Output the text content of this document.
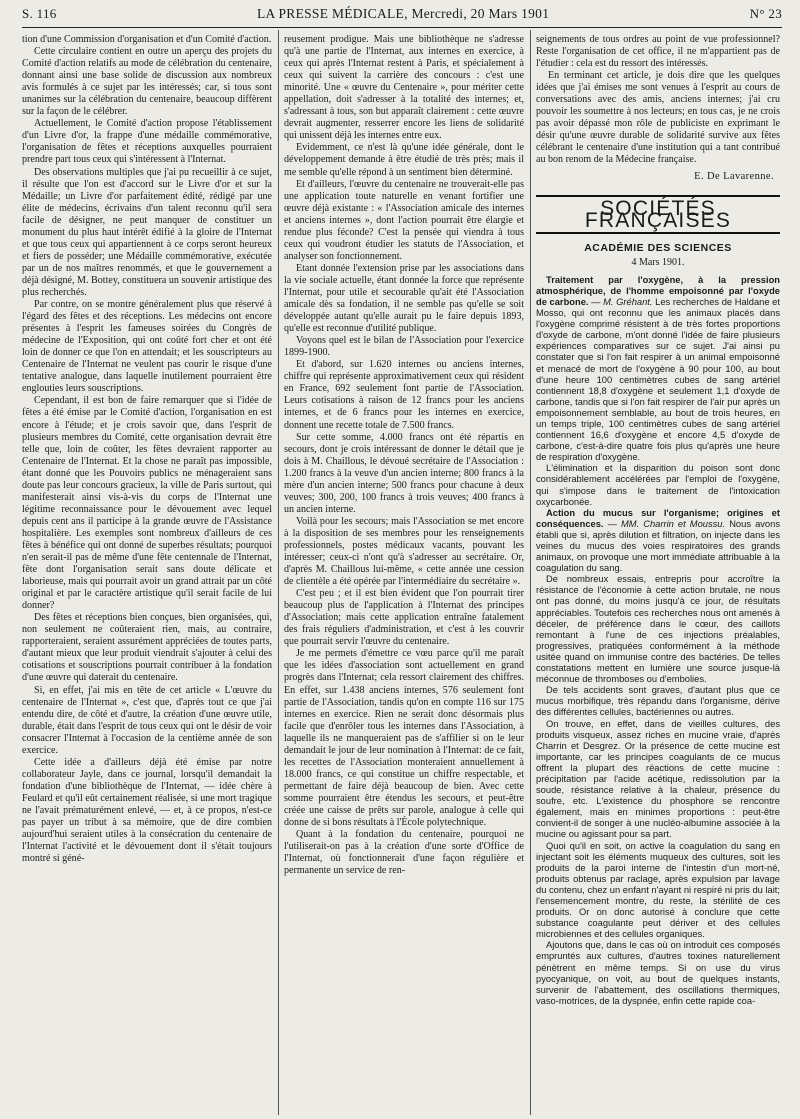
S. 116	LA PRESSE MÉDICALE, Mercredi, 20 Mars 1901	N° 23

tion d'une Commission d'organisation et d'un Comité d'action.

Cette circulaire contient en outre un aperçu des projets du Comité d'action relatifs au mode de célébration du centenaire, donnant ainsi une base solide de discussion aux nombreux avis formulés à ce sujet par les intéressés; car, si tous sont unanimes sur la célébration du centenaire, beaucoup diffèrent sur la façon de le célébrer.

Actuellement, le Comité d'action propose l'établissement d'un Livre d'or, la frappe d'une médaille commémorative, l'organisation de fêtes et réceptions auxquelles pourraient prendre part tous ceux qui s'intéressent à l'Internat.

Des observations multiples que j'ai pu recueillir à ce sujet, il résulte que l'on est d'accord sur le Livre d'or et sur la Médaille; un Livre d'or parfaitement édité, rédigé par une élite de médecins, écrivains d'un talent reconnu qu'il sera facile de désigner, ne peut manquer de constituer un monument du plus haut intérêt édifié à la gloire de l'Internat et que tous ceux qui appartiennent à ce corps seront heureux et fiers de posséder; une Médaille commémorative, exécutée par un de nos maîtres renommés, et que le gouvernement a déjà désigné, M. Bottey, constituera un souvenir artistique des plus recherchés.

Par contre, on se montre généralement plus que réservé à l'égard des fêtes et des réceptions. Les médecins ont encore présentes à l'esprit les fameuses soirées du Congrès de médecine de l'Exposition, qui ont coûté fort cher et ont été loin de donner ce que l'on en attendait; et les souscripteurs au Centenaire de l'Internat ne veulent pas courir le risque d'une tentative analogue, dans laquelle inutilement pourraient être englouties leurs souscriptions.

Cependant, il est bon de faire remarquer que si l'idée de fêtes a été émise par le Comité d'action, l'organisation en est encore à l'étude; et je crois savoir que, dans l'esprit de plusieurs membres du Comité, cette organisation devrait être telle que, loin de coûter, les fêtes devraient rapporter au Centenaire de l'Internat. Et la chose ne paraît pas impossible, étant donné que les Pouvoirs publics ne ménageraient sans doute pas leur concours gracieux, la ville de Paris surtout, qui manifesterait ainsi vis-à-vis du corps de l'Internat une légitime reconnaissance pour le dévouement avec lequel depuis cent ans il participe à la grande œuvre de l'Assistance hospitalière. Les exemples sont nombreux d'ailleurs de ces fêtes à bénéfice qui ont donné de superbes résultats; pourquoi n'en serait-il pas de même d'une fête centennale de l'Internat, fête dont l'organisation serait sans doute délicate et laborieuse, mais qui pourrait avoir un grand attrait par un côté original et par le caractère artistique qu'il serait facile de lui donner?

Des fêtes et réceptions bien conçues, bien organisées, qui, non seulement ne coûteraient rien, mais, au contraire, rapporteraient, seraient assurément appréciées de toutes parts, d'autant mieux que leur produit viendrait s'ajouter à celui des cotisations et souscriptions pourrait contribuer à la fondation d'une œuvre qui daterait du centenaire.

Si, en effet, j'ai mis en tête de cet article « L'œuvre du centenaire de l'Internat », c'est que, d'après tout ce que j'ai entendu dire, de côté et d'autre, la création d'une œuvre utile, durable, était dans l'esprit de tous ceux qui ont le désir de voir consacrer l'Internat à l'occasion de la centième année de son exercice.

Cette idée a d'ailleurs déjà été émise par notre collaborateur Jayle, dans ce journal, lorsqu'il demandait la fondation d'une bibliothèque de l'Internat, — idée chère à Feulard et qu'il eût certainement réalisée, si une mort tragique ne l'avait prématurément enlevé, — et, à ce propos, n'est-ce pas payer un tribut à sa mémoire, que de dire combien aujourd'hui seraient utiles à la consécration du centenaire de l'Internat l'activité et le dévouement dont il s'était toujours montré si géné-

reusement prodigue. Mais une bibliothèque ne s'adresse qu'à une partie de l'Internat, aux internes en exercice, à ceux qui après l'Internat restent à Paris, et spécialement à ceux qui suivent la carrière des concours : c'est une minorité. Une « œuvre du Centenaire », pour mériter cette appellation, doit s'adresser à la totalité des internes; et, s'adressant à tous, son but apparaît clairement : cette œuvre devrait augmenter, resserrer encore les liens de solidarité qui unissent déjà les internes entre eux.

Evidemment, ce n'est là qu'une idée générale, dont le développement demande à être étudié de très près; mais il me semble qu'elle répond à un sentiment bien déterminé.

Et d'ailleurs, l'œuvre du centenaire ne trouverait-elle pas une application toute naturelle en venant fortifier une œuvre déjà existante : « l'Association amicale des internes et anciens internes », dont l'action pourrait être élargie et rendue plus féconde? C'est la pensée qui viendra à tous ceux qui voudront étudier les statuts de l'Association, et analyser son fonctionnement.

Etant donnée l'extension prise par les associations dans la vie sociale actuelle, étant donnée la force que représente l'Internat, pour utile et secourable qu'ait été l'Association amicale dès sa fondation, il ne semble pas qu'elle se soit développée autant qu'elle aurait pu le faire depuis 1893, qu'elle est reconnue d'utilité publique.

Voyons quel est le bilan de l'Association pour l'exercice 1899-1900.

Et d'abord, sur 1.620 internes ou anciens internes, chiffre qui représente approximativement ceux qui résident en France, 692 seulement font partie de l'Association. Leurs cotisations à raison de 12 francs pour les anciens internes, et de 6 francs pour les internes en exercice, donnent une recette totale de 7.500 francs.

Sur cette somme, 4.000 francs ont été répartis en secours, dont je crois intéressant de donner le détail que je dois à M. Chaillous, le dévoué secrétaire de l'Association : 1.200 francs à la veuve d'un ancien interne; 800 francs à la mère d'un ancien interne; 500 francs pour chacune à deux veuves; 300, 200, 100 francs à trois veuves; 400 francs à un ancien interne.

Voilà pour les secours; mais l'Association se met encore à la disposition de ses membres pour les renseignements professionnels, postes médicaux vacants, pouvant les intéresser; ceux-ci n'ont qu'à s'adresser au secrétaire. Or, d'après M. Chaillous lui-même, « cette année une cession de clientèle a été opérée par l'intermédiaire du secrétaire ».

C'est peu ; et il est bien évident que l'on pourrait tirer beaucoup plus de l'application à l'Internat des principes d'Association; mais cette application entraîne fatalement des frais réguliers d'administration, et c'est à les couvrir que pourrait servir l'œuvre du centenaire.

Je me permets d'émettre ce vœu parce qu'il me paraît que les idées d'association sont actuellement en grand progrès dans l'Internat; cela ressort clairement des chiffres. En effet, sur 1.438 anciens internes, 576 seulement font partie de l'Association, tandis qu'on en compte 116 sur 175 internes en exercice. Rien ne serait donc désormais plus facile que d'enrôler tous les internes dans l'Association, à laquelle ils ne manqueraient pas de s'affilier si on le leur demandait le jour de leur nomination à l'Internat: de ce fait, les recettes de l'Association monteraient annuellement à 18.000 francs, ce qui constitue un chiffre respectable, et permettant de faire déjà beaucoup de bien. Avec cette somme pourraient être étendus les secours, et peut-être créée une caisse de prêts sur parole, analogue à celle qui donne de si bons résultats à l'École polytechnique.

Quant à la fondation du centenaire, pourquoi ne l'utiliserait-on pas à la création d'une sorte d'Office de l'Internat, où fonctionnerait d'une façon régulière et permanente un service de ren-

seignements de tous ordres au point de vue professionnel? Reste l'organisation de cet office, il ne m'appartient pas de l'étudier : cela est du ressort des intéressés.

En terminant cet article, je dois dire que les quelques idées que j'ai émises me sont venues à l'esprit au cours de conversations avec des amis, anciens internes; j'ai cru pouvoir les soumettre à nos lecteurs; en tous cas, je ne crois pas avoir dépassé mon rôle de publiciste en exprimant le désir qu'une œuvre durable de solidarité survive aux fêtes célébrant le centenaire d'une institution qui a tant contribué au bon renom de la Médecine française.

E. De Lavarenne.
SOCIÉTÉS FRANÇAISES
ACADÉMIE DES SCIENCES
4 Mars 1901.

Traitement par l'oxygène, à la pression atmosphérique, de l'homme empoisonné par l'oxyde de carbone. — M. Gréhant. Les recherches de Haldane et Mosso, qui ont reconnu que les animaux placés dans l'oxygène comprimé résistent à de très fortes proportions d'oxyde de carbone, m'ont donné l'idée de faire plusieurs expériences comparatives sur ce sujet. J'ai ainsi pu constater que si l'on fait respirer à un animal empoisonné et menacé de mort de l'oxygène à 90 pour 100, au bout d'une heure 100 centimètres cubes de sang artériel contiennent 18,8 d'oxygène et seulement 1,1 d'oxyde de carbone, tandis que si l'on fait respirer de l'air pur après un empoisonnement semblable, au bout de trois heures, en un temps triple, 100 centimètres cubes de sang artériel contiennent 16,6 d'oxygène et encore 4,5 d'oxyde de carbone, c'est-à-dire quatre fois plus qu'après une heure de respiration d'oxygène.

L'élimination et la disparition du poison sont donc considérablement accélérées par l'emploi de l'oxygène, qui s'impose dans le traitement de l'intoxication oxycarbonée.

Action du mucus sur l'organisme; origines et conséquences. — MM. Charrin et Moussu. Nous avons établi que si, après dilution et filtration, on injecte dans les veines du mucus des voies respiratoires des grands animaux, on provoque une mort immédiate attribuable à la coagulation du sang.

De nombreux essais, entrepris pour accroître la résistance de l'économie à cette action brutale, ne nous ont pas donné, du moins jusqu'à ce jour, de résultats appréciables. Toutefois ces recherches nous ont amenés à déceler, de préférence dans le cœur, des caillots remontant à l'une de ces injections préalables, progressives, pratiquées conformément à la méthode usitée quand on immunise contre des bactéries. De telles constatations mettent en lumière une source jusque-là méconnue de thromboses ou d'embolies.

De tels accidents sont graves, d'autant plus que ce mucus morbifique, très répandu dans l'organisme, dérive des différentes cellules, bactériennes ou autres.

On trouve, en effet, dans de vieilles cultures, des produits visqueux, assez riches en mucine vraie, d'après Charrin et Desgrez. Or la présence de cette mucine est importante, car les principes coagulants de ce mucus offrent la plupart des réactions de cette mucine : précipitation par l'acide acétique, redissolution par la soude, résistance relative à la chaleur, présence du soufre, etc. L'existence du phosphore se rencontre également, mais en minimes proportions : peut-être convient-il de songer à une nucléo-albumine associée à la mucine ou agissant pour sa part.

Quoi qu'il en soit, on active la coagulation du sang en injectant soit les éléments muqueux des cultures, soit les produits de la paroi interne de l'intestin d'un mort-né, produits obtenus par raclage, après expulsion par lavage du contenu, chez un enfant n'ayant ni respiré ni pris du lait; l'ensemencement montre, du reste, la stérilité de ces produits. Or on donc autorisé à conclure que cette substance coagulante peut dériver et des cellules microbiennes et des cellules organiques.

Ajoutons que, dans le cas où on introduit ces composés empruntés aux cultures, d'autres toxines naturellement pénètrent en même temps. Si on use du virus pyocyanique, on voit, au bout de quelques instants, survenir de l'abattement, des oscillations thermiques, vaso-motrices, de la dyspnée, enfin cette rapide coa-
